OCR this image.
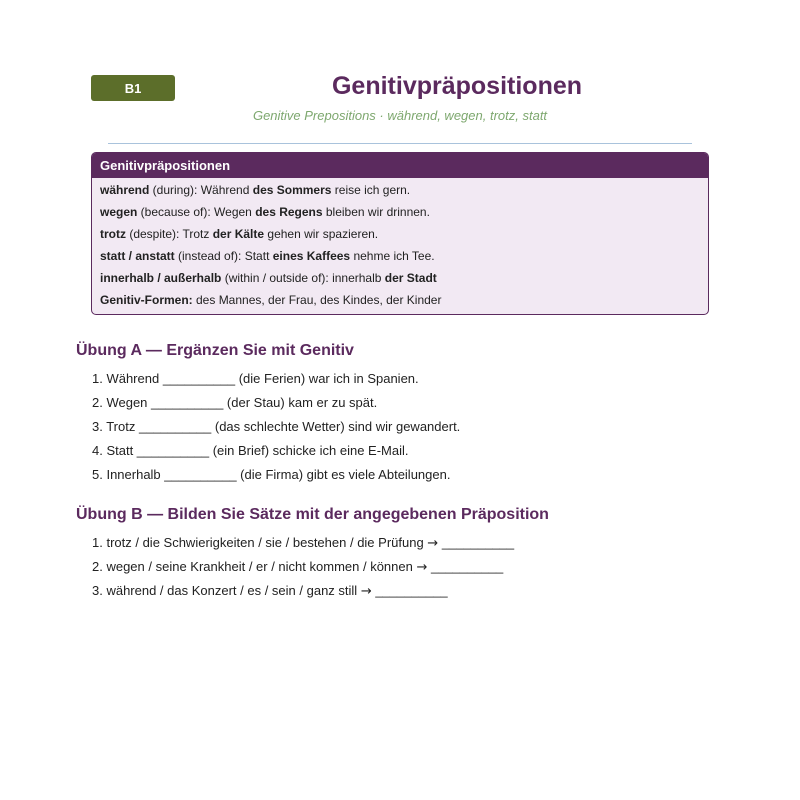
B1	Genitivpräpositionen
Genitive Prepositions · während, wegen, trotz, statt
Genitivpräpositionen
während (during): Während des Sommers reise ich gern.
wegen (because of): Wegen des Regens bleiben wir drinnen.
trotz (despite): Trotz der Kälte gehen wir spazieren.
statt / anstatt (instead of): Statt eines Kaffees nehme ich Tee.
innerhalb / außerhalb (within / outside of): innerhalb der Stadt
Genitiv-Formen: des Mannes, der Frau, des Kindes, der Kinder
Übung A — Ergänzen Sie mit Genitiv
1. Während __________ (die Ferien) war ich in Spanien.
2. Wegen __________ (der Stau) kam er zu spät.
3. Trotz __________ (das schlechte Wetter) sind wir gewandert.
4. Statt __________ (ein Brief) schicke ich eine E-Mail.
5. Innerhalb __________ (die Firma) gibt es viele Abteilungen.
Übung B — Bilden Sie Sätze mit der angegebenen Präposition
1. trotz / die Schwierigkeiten / sie / bestehen / die Prüfung → __________
2. wegen / seine Krankheit / er / nicht kommen / können → __________
3. während / das Konzert / es / sein / ganz still → __________
